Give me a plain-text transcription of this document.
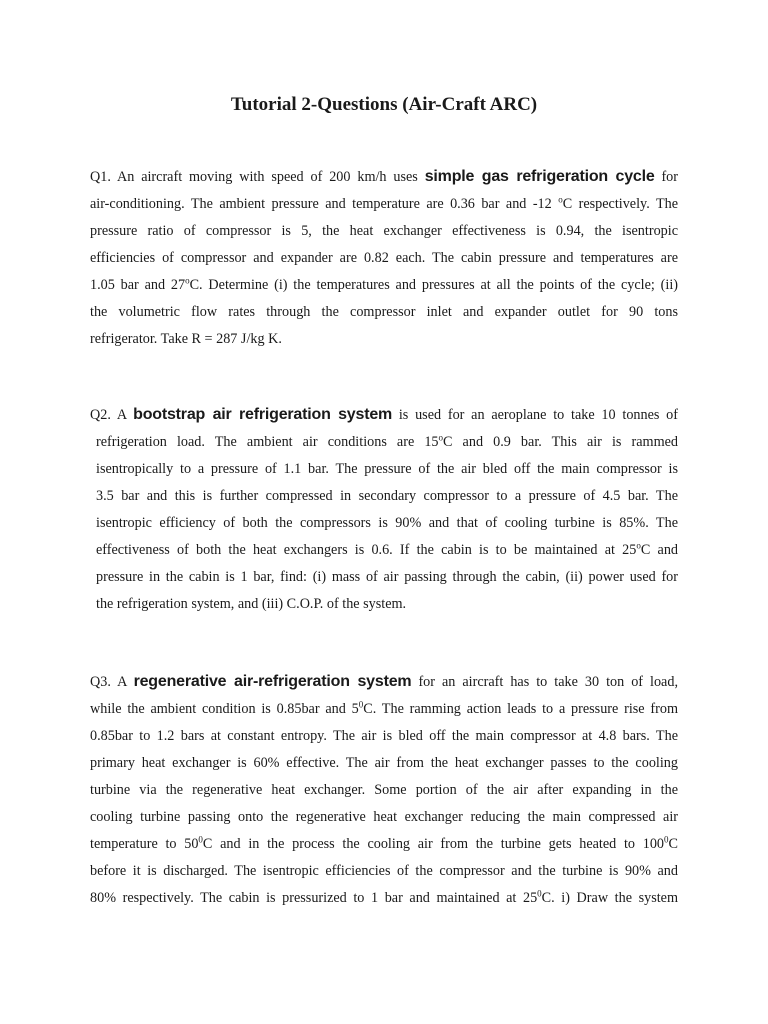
Tutorial 2-Questions (Air-Craft ARC)

Q1. An aircraft moving with speed of 200 km/h uses simple gas refrigeration cycle for
air-conditioning. The ambient pressure and temperature are 0.36 bar and -12 $^o$C respectively. The
pressure ratio of compressor is 5, the heat exchanger effectiveness is 0.94, the isentropic
efficiencies of compressor and expander are 0.82 each. The cabin pressure and temperatures are
1.05 bar and 27$^o$C. Determine (i) the temperatures and pressures at all the points of the cycle; (ii)
the volumetric flow rates through the compressor inlet and expander outlet for 90 tons
refrigerator. Take R = 287 J/kg K.

Q2. A bootstrap air refrigeration system is used for an aeroplane to take 10 tonnes of
refrigeration load. The ambient air conditions are 15$^o$C and 0.9 bar. This air is rammed
isentropically to a pressure of 1.1 bar. The pressure of the air bled off the main compressor is
3.5 bar and this is further compressed in secondary compressor to a pressure of 4.5 bar. The
isentropic efficiency of both the compressors is 90% and that of cooling turbine is 85%. The
effectiveness of both the heat exchangers is 0.6. If the cabin is to be maintained at 25$^o$C and
pressure in the cabin is 1 bar, find: (i) mass of air passing through the cabin, (ii) power used for
the refrigeration system, and (iii) C.O.P. of the system.

Q3. A regenerative air-refrigeration system for an aircraft has to take 30 ton of load,
while the ambient condition is 0.85bar and $5^0C$. The ramming action leads to a pressure rise from
0.85bar to 1.2 bars at constant entropy. The air is bled off the main compressor at 4.8 bars. The
primary heat exchanger is 60% effective. The air from the heat exchanger passes to the cooling
turbine via the regenerative heat exchanger. Some portion of the air after expanding in the
cooling turbine passing onto the regenerative heat exchanger reducing the main compressed air
temperature to $50^0C$ and in the process the cooling air from the turbine gets heated to $100^0C$
before it is discharged. The isentropic efficiencies of the compressor and the turbine is 90% and
80% respectively. The cabin is pressurized to 1 bar and maintained at $25^0C$. i) Draw the system
